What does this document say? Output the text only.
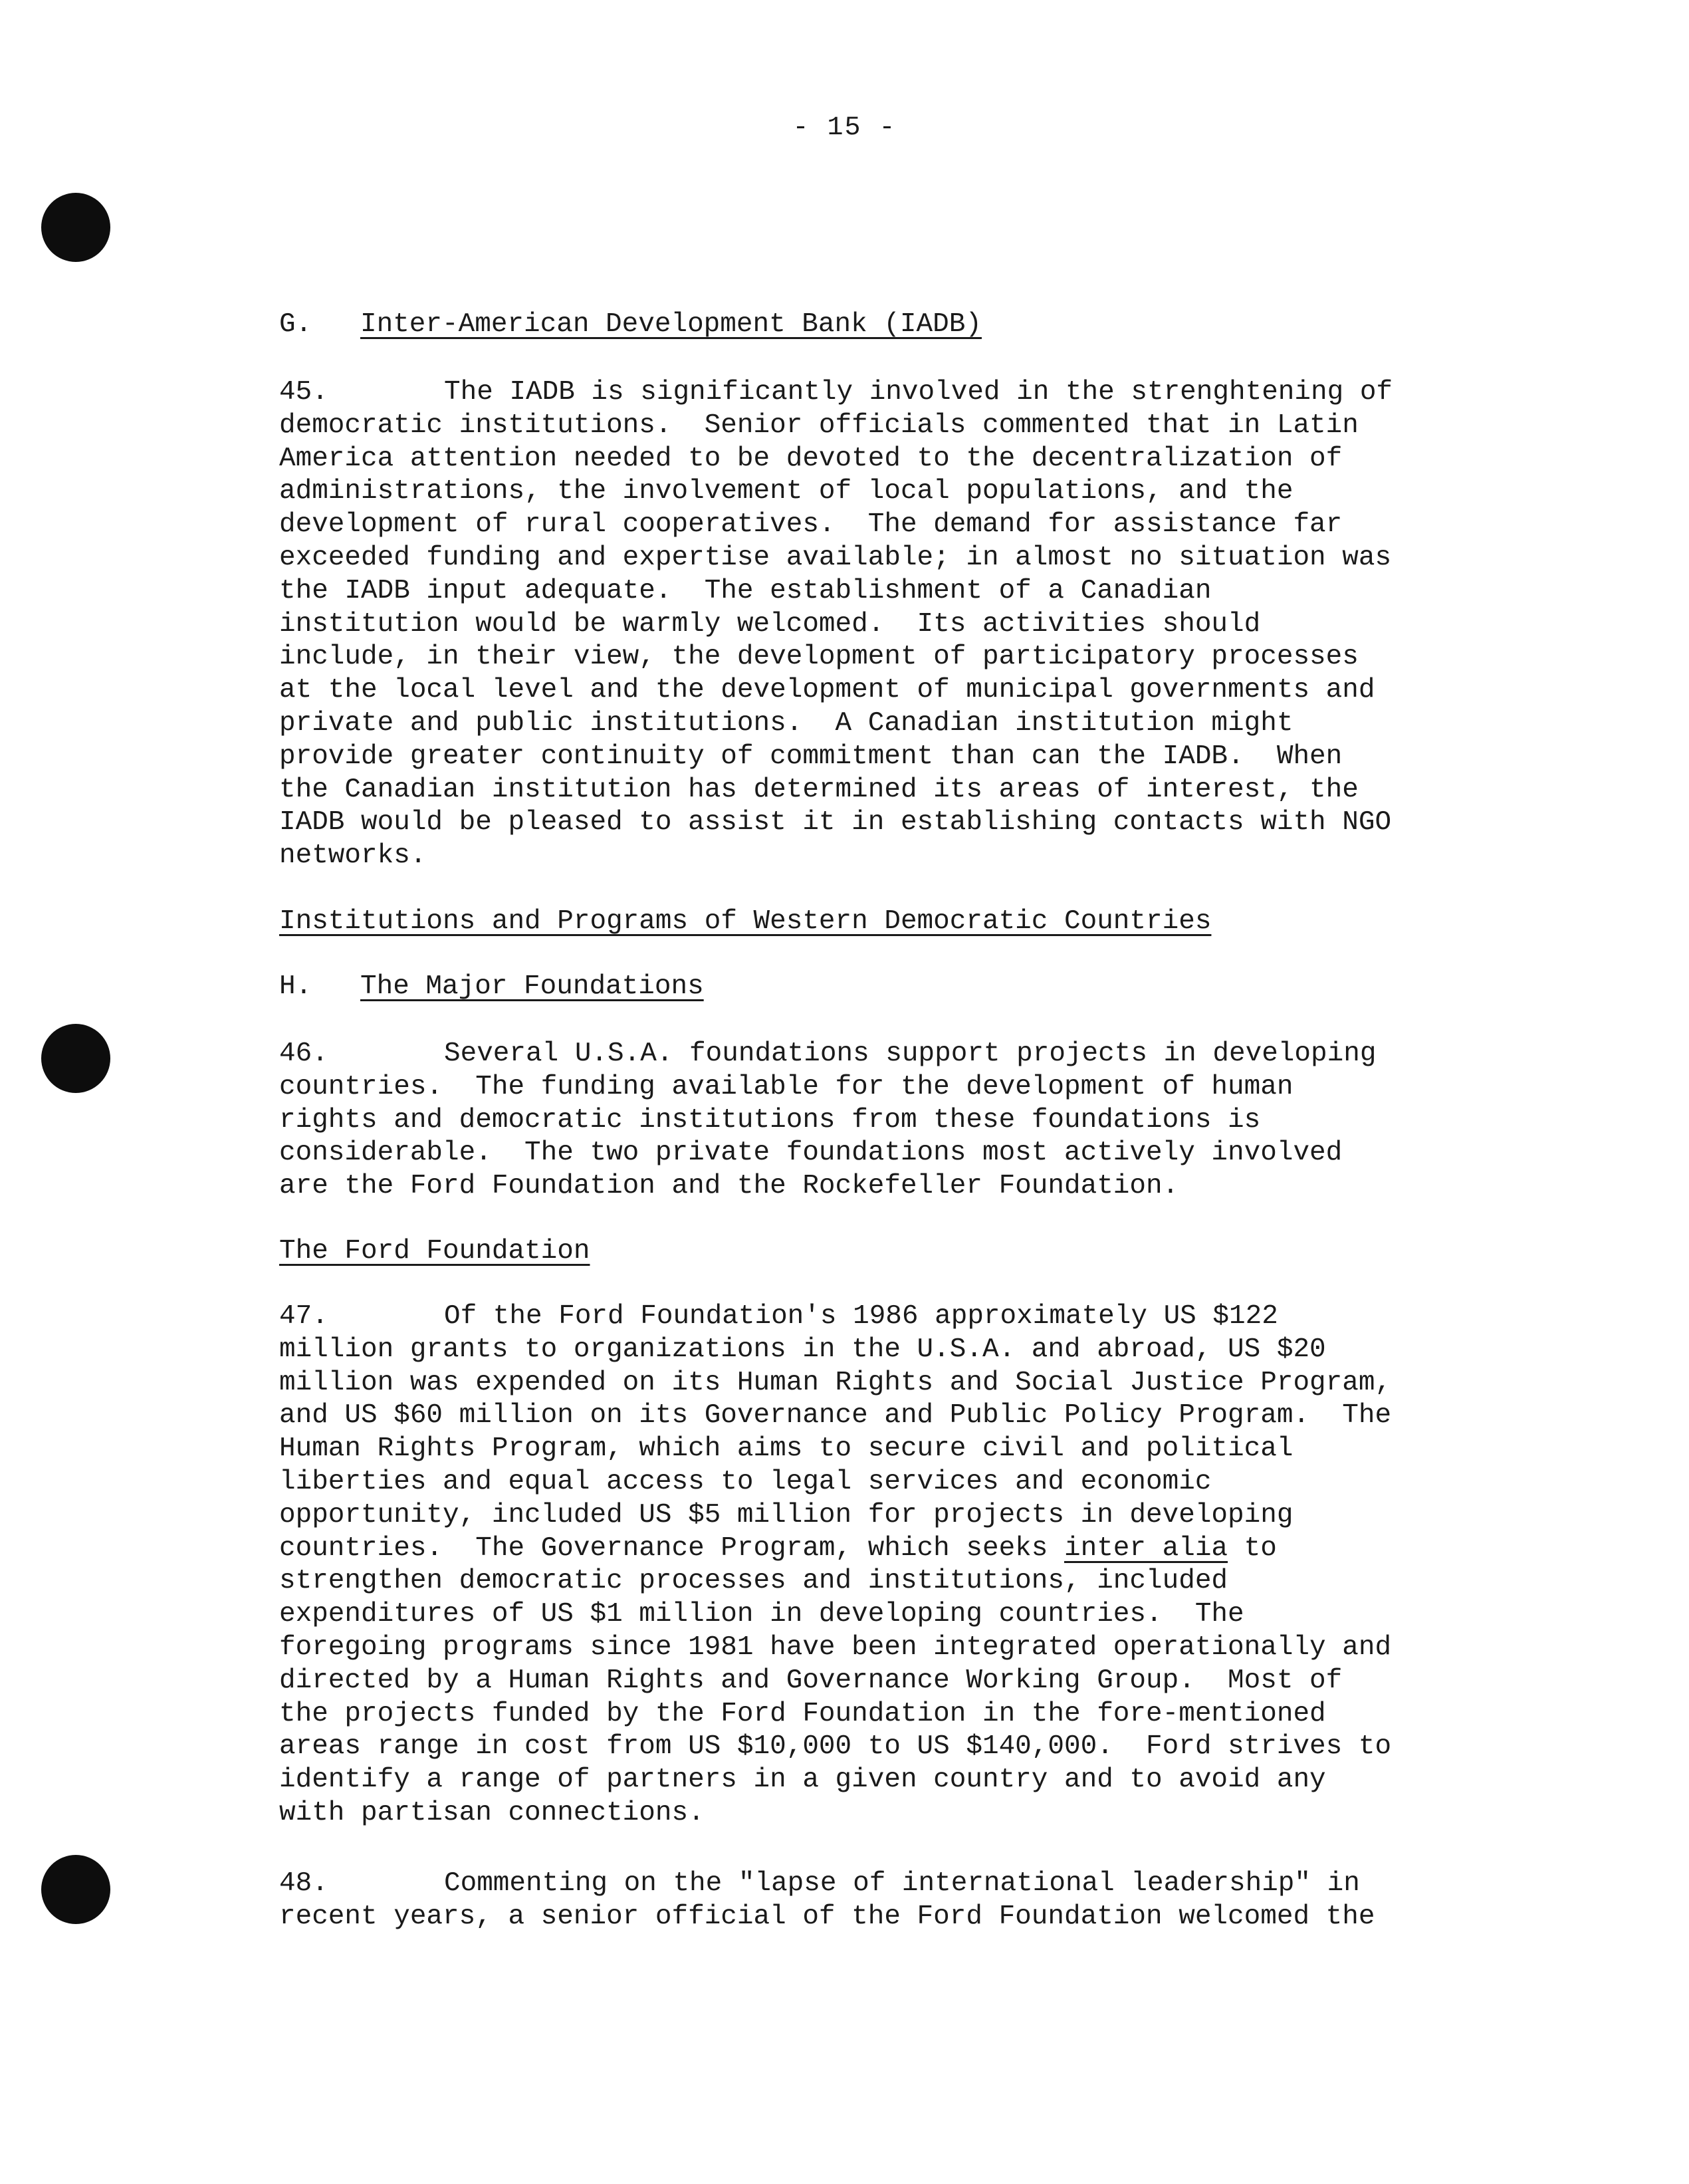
- 15 -
G. Inter-American Development Bank (IADB)
45.	The IADB is significantly involved in the strenghtening of
democratic institutions.  Senior officials commented that in Latin
America attention needed to be devoted to the decentralization of
administrations, the involvement of local populations, and the
development of rural cooperatives.  The demand for assistance far
exceeded funding and expertise available; in almost no situation was
the IADB input adequate.  The establishment of a Canadian
institution would be warmly welcomed.  Its activities should
include, in their view, the development of participatory processes
at the local level and the development of municipal governments and
private and public institutions.  A Canadian institution might
provide greater continuity of commitment than can the IADB.  When
the Canadian institution has determined its areas of interest, the
IADB would be pleased to assist it in establishing contacts with NGO
networks.
Institutions and Programs of Western Democratic Countries
H. The Major Foundations
46.	Several U.S.A. foundations support projects in developing
countries.  The funding available for the development of human
rights and democratic institutions from these foundations is
considerable.  The two private foundations most actively involved
are the Ford Foundation and the Rockefeller Foundation.
The Ford Foundation
47.	Of the Ford Foundation's 1986 approximately US $122
million grants to organizations in the U.S.A. and abroad, US $20
million was expended on its Human Rights and Social Justice Program,
and US $60 million on its Governance and Public Policy Program.  The
Human Rights Program, which aims to secure civil and political
liberties and equal access to legal services and economic
opportunity, included US $5 million for projects in developing
countries.  The Governance Program, which seeks inter alia to
strengthen democratic processes and institutions, included
expenditures of US $1 million in developing countries.  The
foregoing programs since 1981 have been integrated operationally and
directed by a Human Rights and Governance Working Group.  Most of
the projects funded by the Ford Foundation in the fore-mentioned
areas range in cost from US $10,000 to US $140,000.  Ford strives to
identify a range of partners in a given country and to avoid any
with partisan connections.
48.	Commenting on the "lapse of international leadership" in
recent years, a senior official of the Ford Foundation welcomed the
